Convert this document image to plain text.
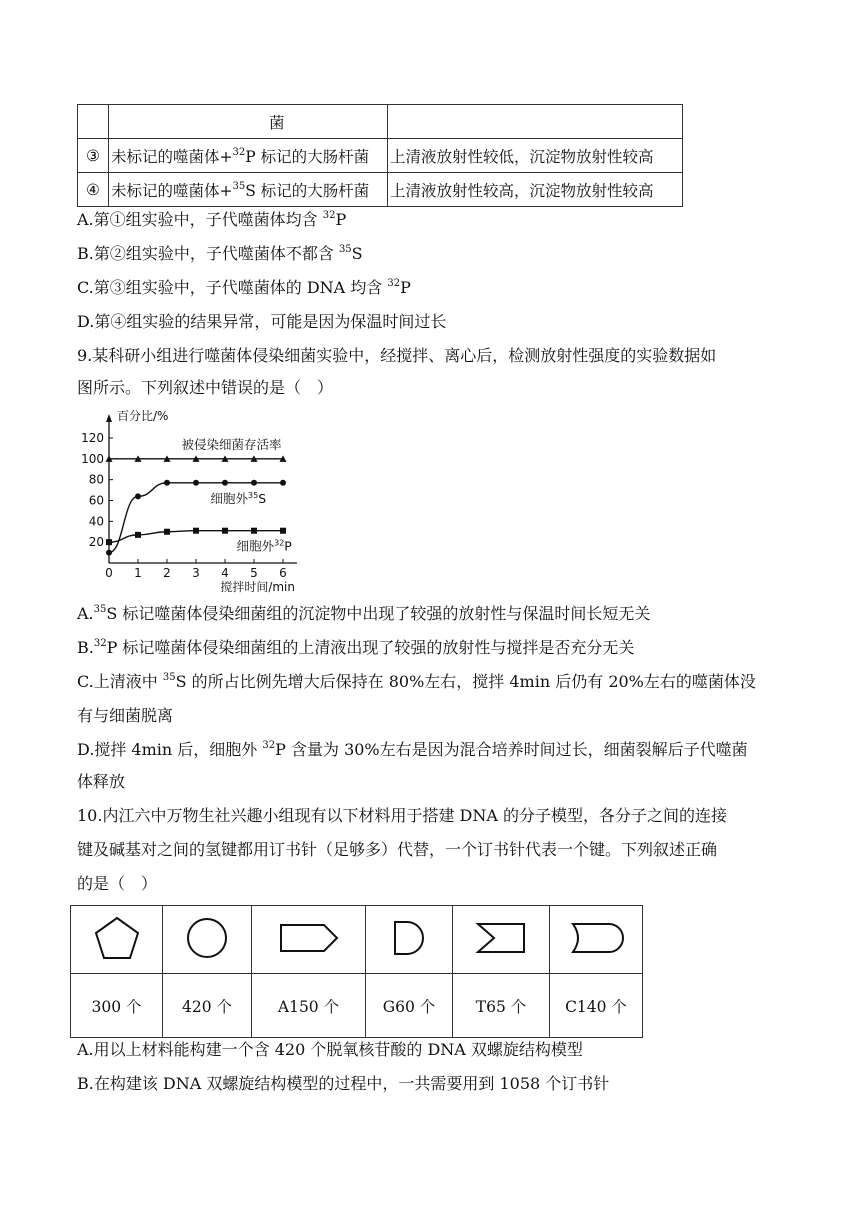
	菌	
③	未标记的噬菌体+$^{32}$P 标记的大肠杆菌	上清液放射性较低，沉淀物放射性较高
④	未标记的噬菌体+$^{35}$S 标记的大肠杆菌	上清液放射性较高，沉淀物放射性较高
A.第①组实验中，子代噬菌体均含 $^{32}$P
B.第②组实验中，子代噬菌体不都含 $^{35}$S
C.第③组实验中，子代噬菌体的 DNA 均含 $^{32}$P
D.第④组实验的结果异常，可能是因为保温时间过长
9.某科研小组进行噬菌体侵染细菌实验中，经搅拌、离心后，检测放射性强度的实验数据如
图所示。下列叙述中错误的是（　）
20
40
60
80
100
120
0 1 2 3 4 5 6
百分比/%
搅拌时间/min
被侵染细菌存活率
细胞外$^{35}$S
细胞外$^{32}$P
A.$^{35}$S 标记噬菌体侵染细菌组的沉淀物中出现了较强的放射性与保温时间长短无关
B.$^{32}$P 标记噬菌体侵染细菌组的上清液出现了较强的放射性与搅拌是否充分无关
C.上清液中 $^{35}$S 的所占比例先增大后保持在 80%左右，搅拌 4min 后仍有 20%左右的噬菌体没
有与细菌脱离
D.搅拌 4min 后，细胞外 $^{32}$P 含量为 30%左右是因为混合培养时间过长，细菌裂解后子代噬菌
体释放
10.内江六中万物生社兴趣小组现有以下材料用于搭建 DNA 的分子模型，各分子之间的连接
键及碱基对之间的氢键都用订书针（足够多）代替，一个订书针代表一个键。下列叙述正确
的是（　）

300 个	420 个	A150 个	G60 个	T65 个	C140 个
A.用以上材料能构建一个含 420 个脱氧核苷酸的 DNA 双螺旋结构模型
B.在构建该 DNA 双螺旋结构模型的过程中，一共需要用到 1058 个订书针
